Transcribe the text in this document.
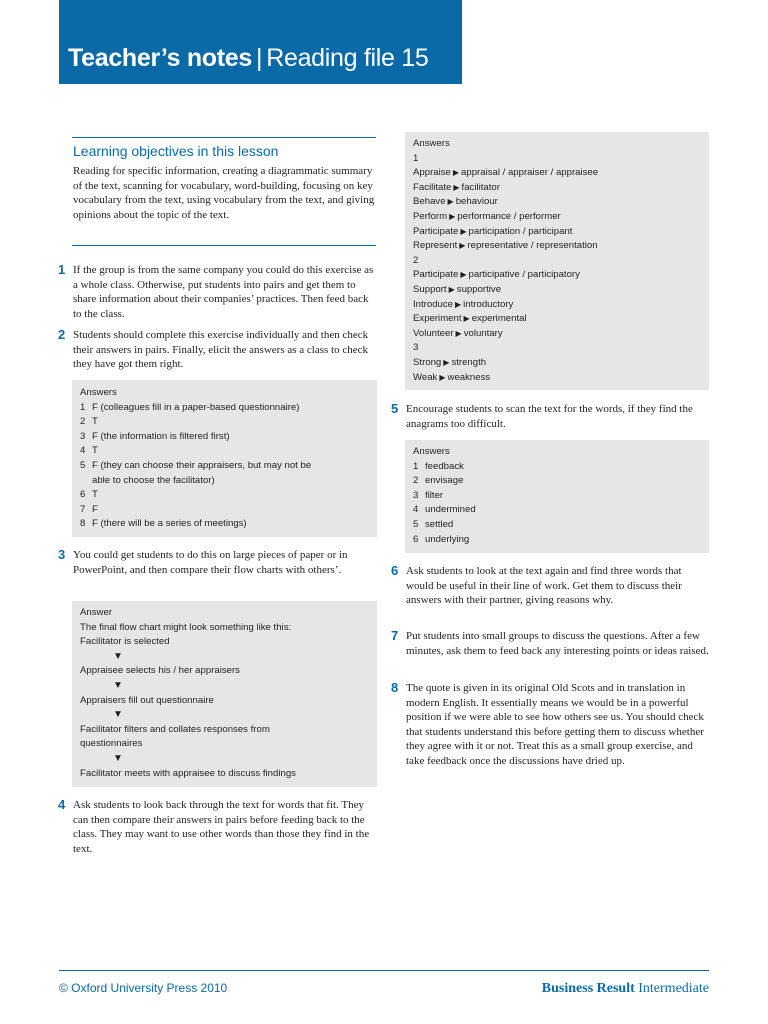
Teacher’s notes | Reading file 15
Learning objectives in this lesson
Reading for specific information, creating a diagrammatic summary of the text, scanning for vocabulary, word-building, focusing on key vocabulary from the text, using vocabulary from the text, and giving opinions about the topic of the text.
1 If the group is from the same company you could do this exercise as a whole class. Otherwise, put students into pairs and get them to share information about their companies’ practices. Then feed back to the class.
2 Students should complete this exercise individually and then check their answers in pairs. Finally, elicit the answers as a class to check they have got them right.
Answers
1 F (colleagues fill in a paper-based questionnaire)
2 T
3 F (the information is filtered first)
4 T
5 F (they can choose their appraisers, but may not be
able to choose the facilitator)
6 T
7 F
8 F (there will be a series of meetings)
3 You could get students to do this on large pieces of paper or in PowerPoint, and then compare their flow charts with others’.
Answer
The final flow chart might look something like this:
Facilitator is selected
▼
Appraisee selects his / her appraisers
▼
Appraisers fill out questionnaire
▼
Facilitator filters and collates responses from
questionnaires
▼
Facilitator meets with appraisee to discuss findings
4 Ask students to look back through the text for words that fit. They can then compare their answers in pairs before feeding back to the class. They may want to use other words than those they find in the text.
Answers
1
Appraise ▶ appraisal / appraiser / appraisee
Facilitate ▶ facilitator
Behave ▶ behaviour
Perform ▶ performance / performer
Participate ▶ participation / participant
Represent ▶ representative / representation
2
Participate ▶ participative / participatory
Support ▶ supportive
Introduce ▶ introductory
Experiment ▶ experimental
Volunteer ▶ voluntary
3
Strong ▶ strength
Weak ▶ weakness
5 Encourage students to scan the text for the words, if they find the anagrams too difficult.
Answers
1 feedback
2 envisage
3 filter
4 undermined
5 settled
6 underlying
6 Ask students to look at the text again and find three words that would be useful in their line of work. Get them to discuss their answers with their partner, giving reasons why.
7 Put students into small groups to discuss the questions. After a few minutes, ask them to feed back any interesting points or ideas raised.
8 The quote is given in its original Old Scots and in translation in modern English. It essentially means we would be in a powerful position if we were able to see how others see us. You should check that students understand this before getting them to discuss whether they agree with it or not. Treat this as a small group exercise, and take feedback once the discussions have dried up.
© Oxford University Press 2010	Business Result Intermediate
